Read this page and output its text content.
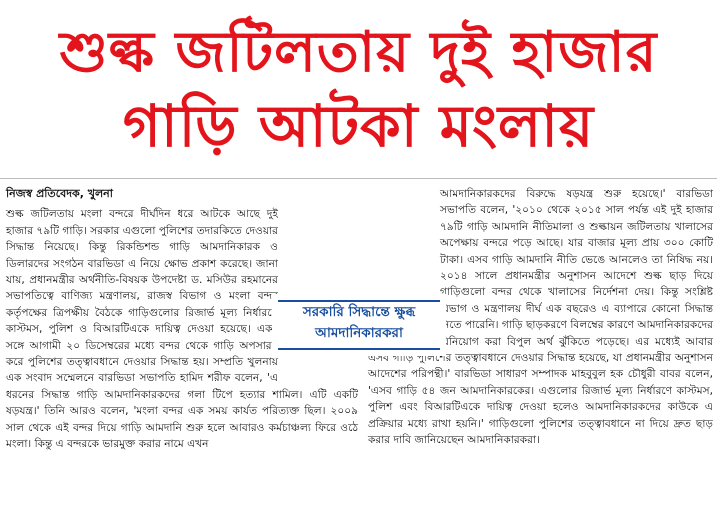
শুল্ক জটিলতায় দুই হাজার
গাড়ি আটকা মংলায়
নিজস্ব প্রতিবেদক, খুলনা

শুল্ক জটিলতায় মংলা বন্দরে দীর্ঘদিন ধরে আটকে আছে দুই হাজার ৭৯টি গাড়ি। সরকার এগুলো পুলিশের তদারকিতে দেওয়ার সিদ্ধান্ত নিয়েছে। কিন্তু রিকন্ডিশন্ড গাড়ি আমদানিকারক ও ডিলারদের সংগঠন বারভিডা এ নিয়ে ক্ষোভ প্রকাশ করেছে। জানা যায়, প্রধানমন্ত্রীর অর্থনীতি-বিষয়ক উপদেষ্টা ড. মসিউর রহমানের সভাপতিত্বে বাণিজ্য মন্ত্রণালয়, রাজস্ব বিভাগ ও মংলা বন্দর কর্তৃপক্ষের ত্রিপক্ষীয় বৈঠকে গাড়িগুলোর রিজার্ভ মূল্য নির্ধারণে কাস্টমস, পুলিশ ও বিআরটিএকে দায়িত্ব দেওয়া হয়েছে। একই সঙ্গে আগামী ২০ ডিসেম্বরের মধ্যে বন্দর থেকে গাড়ি অপসারণ করে পুলিশের তত্ত্বাবধানে দেওয়ার সিদ্ধান্ত হয়। সম্প্রতি খুলনায় এক সংবাদ সম্মেলনে বারভিডা সভাপতি হামিদ শরীফ বলেন, 'এ ধরনের সিদ্ধান্ত গাড়ি আমদানিকারকদের গলা টিপে হত্যার শামিল। এটি একটি ষড়যন্ত্র।' তিনি আরও বলেন, 'মংলা বন্দর এক সময় কার্যত পরিত্যক্ত ছিল। ২০০৯ সাল থেকে এই বন্দর দিয়ে গাড়ি আমদানি শুরু হলে আবারও কর্মচাঞ্চল্য ফিরে ওঠে মংলা। কিন্তু এ বন্দরকে ভারমুক্ত করার নামে এখন

আমদানিকারকদের বিরুদ্ধে ষড়যন্ত্র শুরু হয়েছে।' বারভিডা সভাপতি বলেন, '২০১০ থেকে ২০১৫ সাল পর্যন্ত এই দুই হাজার ৭৯টি গাড়ি আমদানি নীতিমালা ও শুল্কায়ন জটিলতায় খালাসের অপেক্ষায় বন্দরে পড়ে আছে। যার বাজার মূল্য প্রায় ৩০০ কোটি টাকা। এসব গাড়ি আমদানি নীতি ভেঙে আনলেও তা নিষিদ্ধ নয়। ২০১৪ সালে প্রধানমন্ত্রীর অনুশাসন আদেশে শুল্ক ছাড় দিয়ে গাড়িগুলো বন্দর থেকে খালাসের নির্দেশনা দেয়। কিন্তু সংশ্লিষ্ট বিভাগ ও মন্ত্রণালয় দীর্ঘ এক বছরেও এ ব্যাপারে কোনো সিদ্ধান্ত নিতে পারেনি। গাড়ি ছাড়করণে বিলম্বের কারণে আমদানিকারকদের বিনিয়োগ করা বিপুল অর্থ ঝুঁকিতে পড়েছে। এর মধ্যেই আবার এসব গাড়ি পুলিশের তত্ত্বাবধানে দেওয়ার সিদ্ধান্ত হয়েছে, যা প্রধানমন্ত্রীর অনুশাসন আদেশের পরিপন্থী।' বারভিডা সাধারণ সম্পাদক মাহবুবুল হক চৌধুরী বাবর বলেন, 'এসব গাড়ি ৫৪ জন আমদানিকারকের। এগুলোর রিজার্ভ মূল্য নির্ধারণে কাস্টমস, পুলিশ এবং বিআরটিএকে দায়িত্ব দেওয়া হলেও আমদানিকারকদের কাউকে এ প্রক্রিয়ার মধ্যে রাখা হয়নি।' গাড়িগুলো পুলিশের তত্ত্বাবধানে না দিয়ে দ্রুত ছাড় করার দাবি জানিয়েছেন আমদানিকারকরা।

সরকারি সিদ্ধান্তে ক্ষুব্ধ
আমদানিকারকরা
